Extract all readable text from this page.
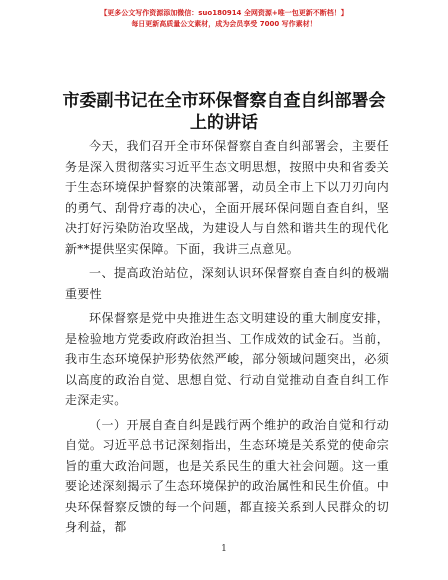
【更多公文写作资源添加微信：suo180914 全网资源+唯一包更新不断档！】
每日更新高质量公文素材，成为会员享受 7000 写作素材！
市委副书记在全市环保督察自查自纠部署会上的讲话

今天，我们召开全市环保督察自查自纠部署会，主要任务是深入贯彻落实习近平生态文明思想，按照中央和省委关于生态环境保护督察的决策部署，动员全市上下以刀刃向内的勇气、刮骨疗毒的决心，全面开展环保问题自查自纠，坚决打好污染防治攻坚战，为建设人与自然和谐共生的现代化新**提供坚实保障。下面，我讲三点意见。

一、提高政治站位，深刻认识环保督察自查自纠的极端重要性

环保督察是党中央推进生态文明建设的重大制度安排，是检验地方党委政府政治担当、工作成效的试金石。当前，我市生态环境保护形势依然严峻，部分领域问题突出，必须以高度的政治自觉、思想自觉、行动自觉推动自查自纠工作走深走实。

（一）开展自查自纠是践行两个维护的政治自觉和行动自觉。习近平总书记深刻指出，生态环境是关系党的使命宗旨的重大政治问题，也是关系民生的重大社会问题。这一重要论述深刻揭示了生态环境保护的政治属性和民生价值。中央环保督察反馈的每一个问题，都直接关系到人民群众的切身利益，都

1
